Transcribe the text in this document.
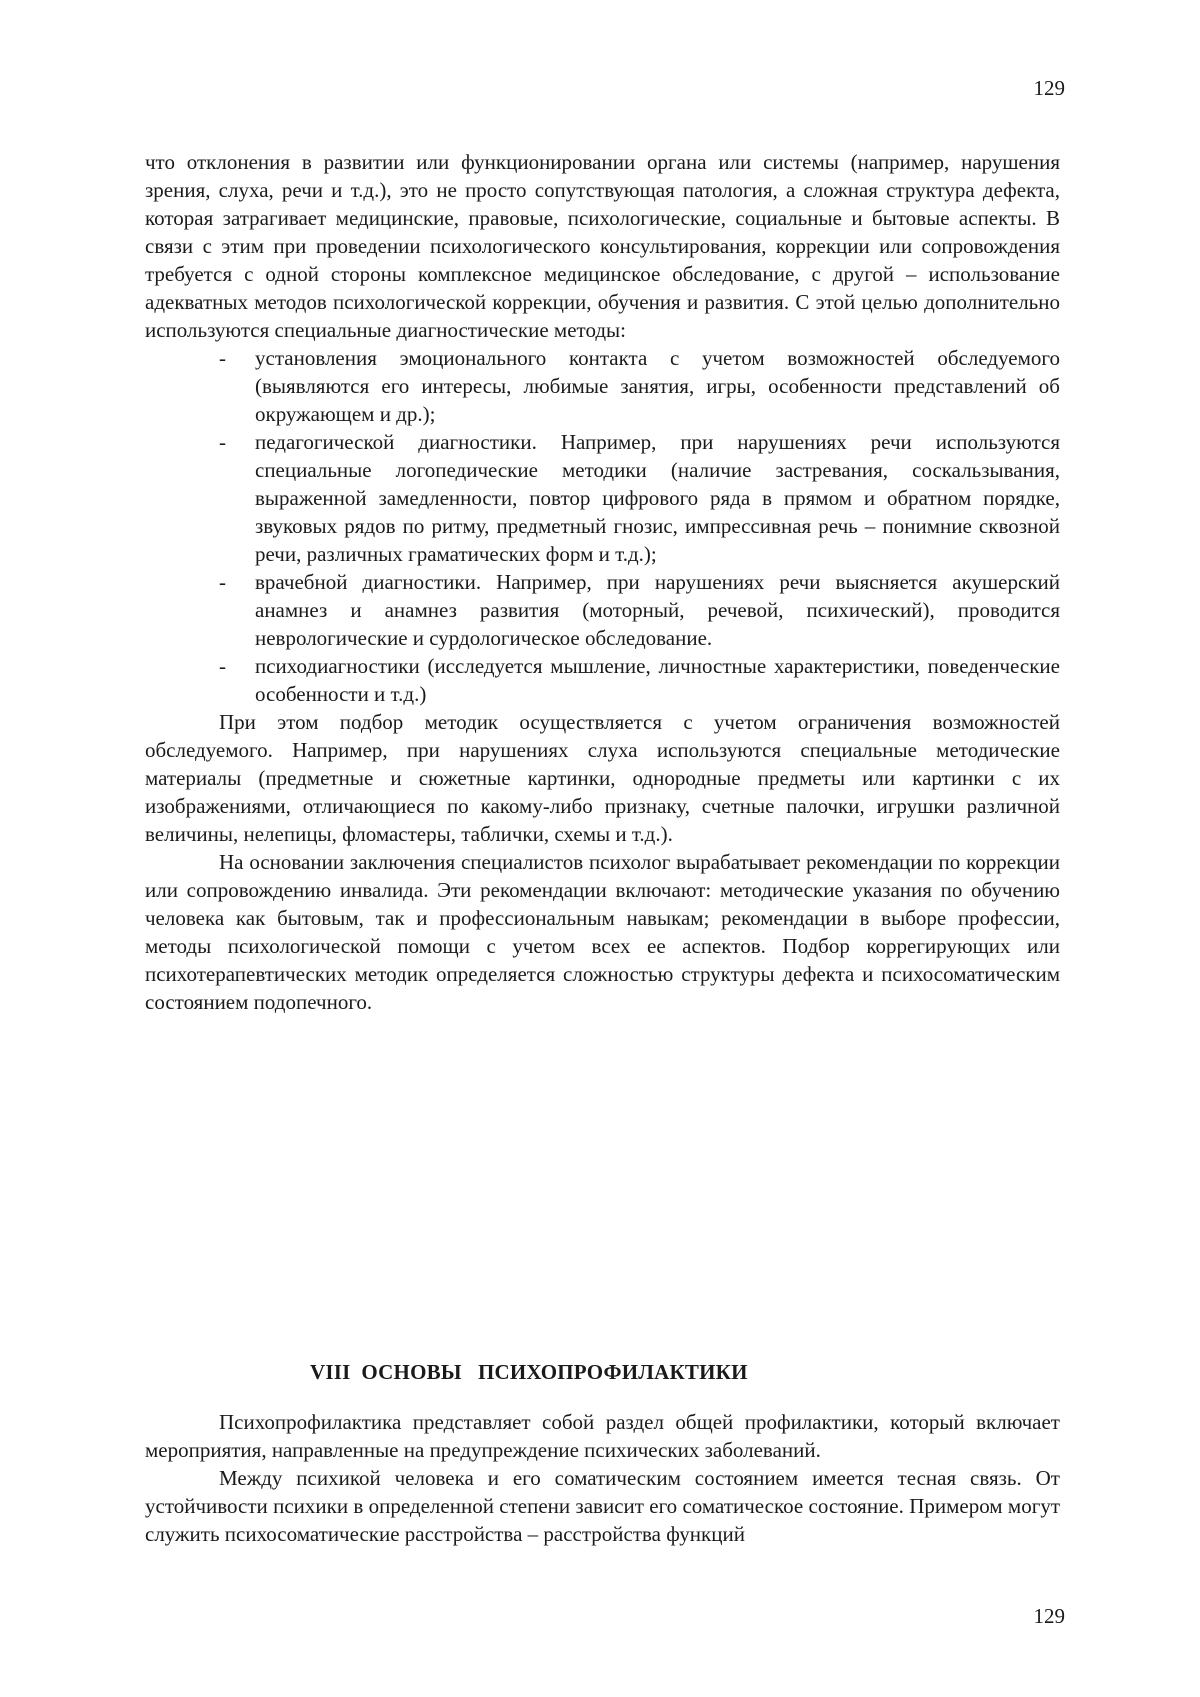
129

что отклонения в развитии или функционировании органа или системы (например, нарушения зрения, слуха, речи и т.д.), это не просто сопутствующая патология, а сложная структура дефекта, которая затрагивает медицинские, правовые, психологические, социальные и бытовые аспекты. В связи с этим при проведении психологического консультирования, коррекции или сопровождения требуется с одной стороны комплексное медицинское обследование, с другой – использование адекватных методов психологической коррекции, обучения и развития. С этой целью дополнительно используются специальные диагностические методы:

- установления эмоционального контакта с учетом возможностей обследуемого (выявляются его интересы, любимые занятия, игры, особенности представлений об окружающем и др.);
- педагогической диагностики. Например, при нарушениях речи используются специальные логопедические методики (наличие застревания, соскальзывания, выраженной замедленности, повтор цифрового ряда в прямом и обратном порядке, звуковых рядов по ритму, предметный гнозис, импрессивная речь – понимние сквозной речи, различных граматических форм и т.д.);
- врачебной диагностики. Например, при нарушениях речи выясняется акушерский анамнез и анамнез развития (моторный, речевой, психический), проводится неврологические и сурдологическое обследование.
- психодиагностики (исследуется мышление, личностные характеристики, поведенческие особенности и т.д.)

При этом подбор методик осуществляется с учетом ограничения возможностей обследуемого. Например, при нарушениях слуха используются специальные методические материалы (предметные и сюжетные картинки, однородные предметы или картинки с их изображениями, отличающиеся по какому-либо признаку, счетные палочки, игрушки различной величины, нелепицы, фломастеры, таблички, схемы и т.д.).

На основании заключения специалистов психолог вырабатывает рекомендации по коррекции или сопровождению инвалида. Эти рекомендации включают: методические указания по обучению человека как бытовым, так и профессиональным навыкам; рекомендации в выборе профессии, методы психологической помощи с учетом всех ее аспектов. Подбор коррегирующих или психотерапевтических методик определяется сложностью структуры дефекта и психосоматическим состоянием подопечного.

VIII  ОСНОВЫ   ПСИХОПРОФИЛАКТИКИ

Психопрофилактика представляет собой раздел общей профилактики, который включает мероприятия, направленные на предупреждение психических заболеваний.

Между психикой человека и его соматическим состоянием имеется тесная связь. От устойчивости психики в определенной степени зависит его соматическое состояние. Примером могут служить психосоматические расстройства – расстройства функций

129
